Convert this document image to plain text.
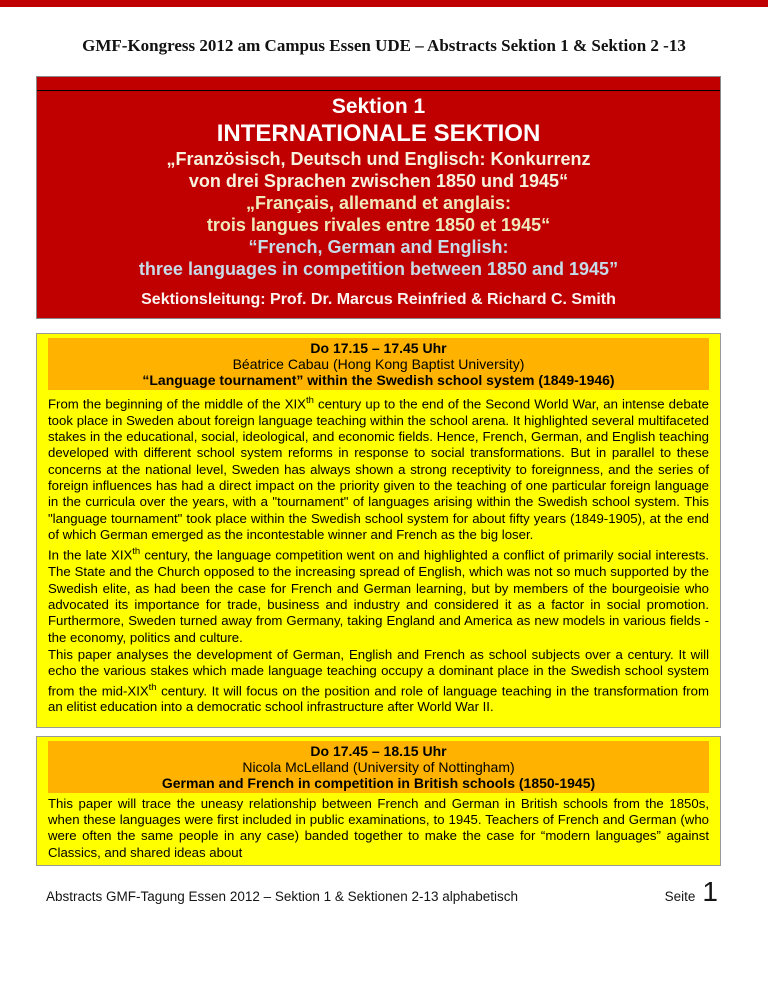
GMF-Kongress 2012 am Campus Essen UDE – Abstracts Sektion 1 & Sektion 2 -13
Sektion 1
INTERNATIONALE SEKTION
„Französisch, Deutsch und Englisch: Konkurrenz
von drei Sprachen zwischen 1850 und 1945“
„Français, allemand et anglais:
trois langues rivales entre 1850 et 1945“
“French, German and English:
three languages in competition between 1850 and 1945”
Sektionsleitung: Prof. Dr. Marcus Reinfried & Richard C. Smith
Do 17.15 – 17.45 Uhr
Béatrice Cabau (Hong Kong Baptist University)
“Language tournament” within the Swedish school system (1849-1946)

From the beginning of the middle of the XIXth century up to the end of the Second World War, an intense debate took place in Sweden about foreign language teaching within the school arena. It highlighted several multifaceted stakes in the educational, social, ideological, and economic fields. Hence, French, German, and English teaching developed with different school system reforms in response to social transformations. But in parallel to these concerns at the national level, Sweden has always shown a strong receptivity to foreignness, and the series of foreign influences has had a direct impact on the priority given to the teaching of one particular foreign language in the curricula over the years, with a "tournament" of languages arising within the Swedish school system. This "language tournament" took place within the Swedish school system for about fifty years (1849-1905), at the end of which German emerged as the incontestable winner and French as the big loser.

In the late XIXth century, the language competition went on and highlighted a conflict of primarily social interests. The State and the Church opposed to the increasing spread of English, which was not so much supported by the Swedish elite, as had been the case for French and German learning, but by members of the bourgeoisie who advocated its importance for trade, business and industry and considered it as a factor in social promotion. Furthermore, Sweden turned away from Germany, taking England and America as new models in various fields - the economy, politics and culture.

This paper analyses the development of German, English and French as school subjects over a century. It will echo the various stakes which made language teaching occupy a dominant place in the Swedish school system from the mid-XIXth century. It will focus on the position and role of language teaching in the transformation from an elitist education into a democratic school infrastructure after World War II.

Do 17.45 – 18.15 Uhr
Nicola McLelland (University of Nottingham)
German and French in competition in British schools (1850-1945)

This paper will trace the uneasy relationship between French and German in British schools from the 1850s, when these languages were first included in public examinations, to 1945. Teachers of French and German (who were often the same people in any case) banded together to make the case for “modern languages” against Classics, and shared ideas about

Abstracts GMF-Tagung Essen 2012 – Sektion 1 & Sektionen 2-13 alphabetisch	Seite 1
